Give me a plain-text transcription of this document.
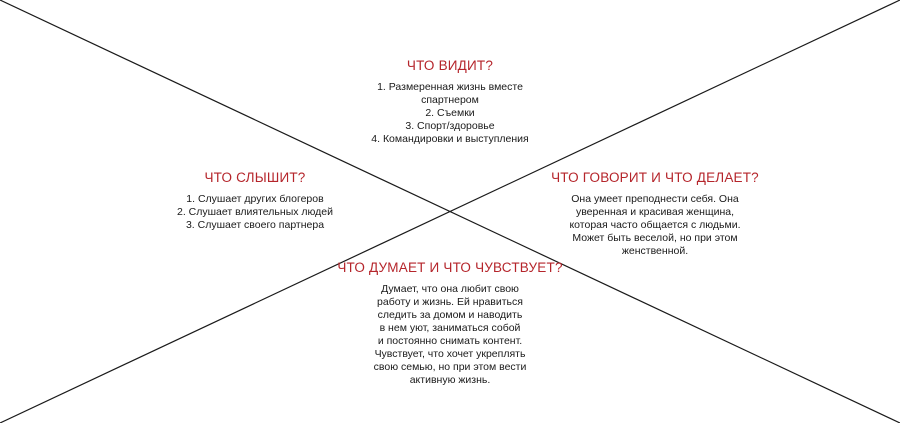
ЧТО ВИДИТ?

1. Размеренная жизнь вместе
спартнером
2. Съемки
3. Спорт/здоровье
4. Командировки и выступления

ЧТО СЛЫШИТ?

1. Слушает других блогеров
2. Слушает влиятельных людей
3. Слушает своего партнера

ЧТО ГОВОРИТ И ЧТО ДЕЛАЕТ?

Она умеет преподнести себя. Она
уверенная и красивая женщина,
которая часто общается с людьми.
Может быть веселой, но при этом
женственной.

ЧТО ДУМАЕТ И ЧТО ЧУВСТВУЕТ?

Думает, что она любит свою
работу и жизнь. Ей нравиться
следить за домом и наводить
в нем уют, заниматься собой
и постоянно снимать контент.
Чувствует, что хочет укреплять
свою семью, но при этом вести
активную жизнь.
